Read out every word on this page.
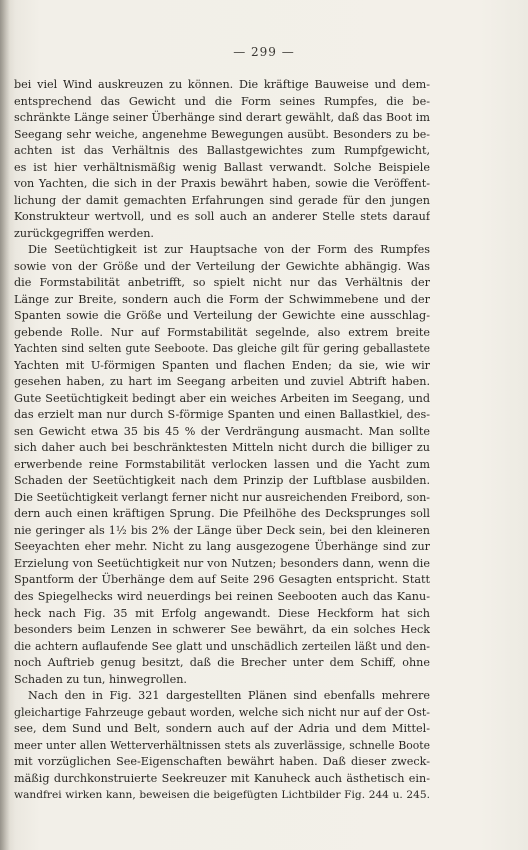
— 299 —
bei viel Wind auskreuzen zu können. Die kräftige Bauweise und dem-
entsprechend das Gewicht und die Form seines Rumpfes, die be-
schränkte Länge seiner Überhänge sind derart gewählt, daß das Boot im
Seegang sehr weiche, angenehme Bewegungen ausübt. Besonders zu be-
achten ist das Verhältnis des Ballastgewichtes zum Rumpfgewicht,
es ist hier verhältnismäßig wenig Ballast verwandt. Solche Beispiele
von Yachten, die sich in der Praxis bewährt haben, sowie die Veröffent-
lichung der damit gemachten Erfahrungen sind gerade für den jungen
Konstrukteur wertvoll, und es soll auch an anderer Stelle stets darauf
zurückgegriffen werden.
Die Seetüchtigkeit ist zur Hauptsache von der Form des Rumpfes
sowie von der Größe und der Verteilung der Gewichte abhängig. Was
die Formstabilität anbetrifft, so spielt nicht nur das Verhältnis der
Länge zur Breite, sondern auch die Form der Schwimmebene und der
Spanten sowie die Größe und Verteilung der Gewichte eine ausschlag-
gebende Rolle. Nur auf Formstabilität segelnde, also extrem breite
Yachten sind selten gute Seeboote. Das gleiche gilt für gering geballastete
Yachten mit U-förmigen Spanten und flachen Enden; da sie, wie wir
gesehen haben, zu hart im Seegang arbeiten und zuviel Abtrift haben.
Gute Seetüchtigkeit bedingt aber ein weiches Arbeiten im Seegang, und
das erzielt man nur durch S-förmige Spanten und einen Ballastkiel, des-
sen Gewicht etwa 35 bis 45 % der Verdrängung ausmacht. Man sollte
sich daher auch bei beschränktesten Mitteln nicht durch die billiger zu
erwerbende reine Formstabilität verlocken lassen und die Yacht zum
Schaden der Seetüchtigkeit nach dem Prinzip der Luftblase ausbilden.
Die Seetüchtigkeit verlangt ferner nicht nur ausreichenden Freibord, son-
dern auch einen kräftigen Sprung. Die Pfeilhöhe des Decksprunges soll
nie geringer als 1½ bis 2% der Länge über Deck sein, bei den kleineren
Seeyachten eher mehr. Nicht zu lang ausgezogene Überhänge sind zur
Erzielung von Seetüchtigkeit nur von Nutzen; besonders dann, wenn die
Spantform der Überhänge dem auf Seite 296 Gesagten entspricht. Statt
des Spiegelhecks wird neuerdings bei reinen Seebooten auch das Kanu-
heck nach Fig. 35 mit Erfolg angewandt. Diese Heckform hat sich
besonders beim Lenzen in schwerer See bewährt, da ein solches Heck
die achtern auflaufende See glatt und unschädlich zerteilen läßt und den-
noch Auftrieb genug besitzt, daß die Brecher unter dem Schiff, ohne
Schaden zu tun, hinwegrollen.
Nach den in Fig. 321 dargestellten Plänen sind ebenfalls mehrere
gleichartige Fahrzeuge gebaut worden, welche sich nicht nur auf der Ost-
see, dem Sund und Belt, sondern auch auf der Adria und dem Mittel-
meer unter allen Wetterverhältnissen stets als zuverlässige, schnelle Boote
mit vorzüglichen See-Eigenschaften bewährt haben. Daß dieser zweck-
mäßig durchkonstruierte Seekreuzer mit Kanuheck auch ästhetisch ein-
wandfrei wirken kann, beweisen die beigefügten Lichtbilder Fig. 244 u. 245.
